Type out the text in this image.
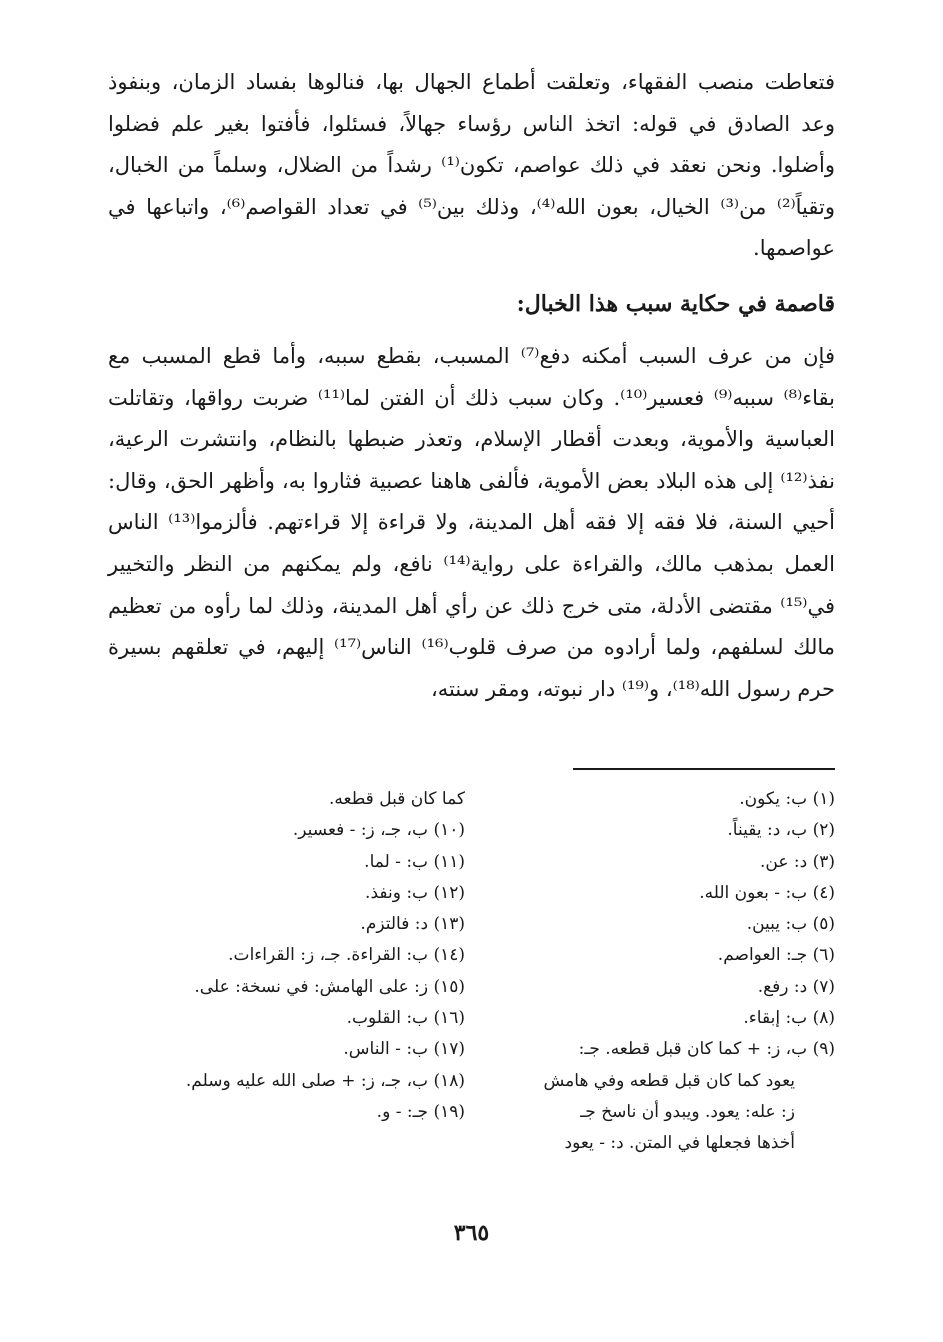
فتعاطت منصب الفقهاء، وتعلقت أطماع الجهال بها، فنالوها بفساد الزمان، وبنفوذ وعد الصادق في قوله: اتخذ الناس رؤساء جهالاً، فسئلوا، فأفتوا بغير علم فضلوا وأضلوا. ونحن نعقد في ذلك عواصم، تكون⁽¹⁾ رشداً من الضلال، وسلماً من الخبال، وتقياً⁽²⁾ من⁽³⁾ الخيال، بعون الله⁽⁴⁾، وذلك بين⁽⁵⁾ في تعداد القواصم⁽⁶⁾، واتباعها في عواصمها.

قاصمة في حكاية سبب هذا الخبال:

فإن من عرف السبب أمكنه دفع⁽⁷⁾ المسبب، بقطع سببه، وأما قطع المسبب مع بقاء⁽⁸⁾ سببه⁽⁹⁾ فعسير⁽¹⁰⁾. وكان سبب ذلك أن الفتن لما⁽¹¹⁾ ضربت رواقها، وتقاتلت العباسية والأموية، وبعدت أقطار الإسلام، وتعذر ضبطها بالنظام، وانتشرت الرعية، نفذ⁽¹²⁾ إلى هذه البلاد بعض الأموية، فألفى هاهنا عصبية فثاروا به، وأظهر الحق، وقال: أحيي السنة، فلا فقه إلا فقه أهل المدينة، ولا قراءة إلا قراءتهم. فألزموا⁽¹³⁾ الناس العمل بمذهب مالك، والقراءة على رواية⁽¹⁴⁾ نافع، ولم يمكنهم من النظر والتخيير في⁽¹⁵⁾ مقتضى الأدلة، متى خرج ذلك عن رأي أهل المدينة، وذلك لما رأوه من تعظيم مالك لسلفهم، ولما أرادوه من صرف قلوب⁽¹⁶⁾ الناس⁽¹⁷⁾ إليهم، في تعلقهم بسيرة حرم رسول الله⁽¹⁸⁾، و⁽¹⁹⁾ دار نبوته، ومقر سنته،

(١) ب: يكون.

(٢) ب، د: يقيناً.

(٣) د: عن.

(٤) ب: - بعون الله.

(٥) ب: يبين.

(٦) جـ: العواصم.

(٧) د: رفع.

(٨) ب: إبقاء.

(٩) ب، ز: + كما كان قبل قطعه. جـ:

يعود كما كان قبل قطعه وفي هامش

ز: عله: يعود. ويبدو أن ناسخ جـ

أخذها فجعلها في المتن. د: - يعود

كما كان قبل قطعه.

(١٠) ب، جـ، ز: - فعسير.

(١١) ب: - لما.

(١٢) ب: ونفذ.

(١٣) د: فالتزم.

(١٤) ب: القراءة. جـ، ز: القراءات.

(١٥) ز: على الهامش: في نسخة: على.

(١٦) ب: القلوب.

(١٧) ب: - الناس.

(١٨) ب، جـ، ز: + صلى الله عليه وسلم.

(١٩) جـ: - و.

٣٦٥
